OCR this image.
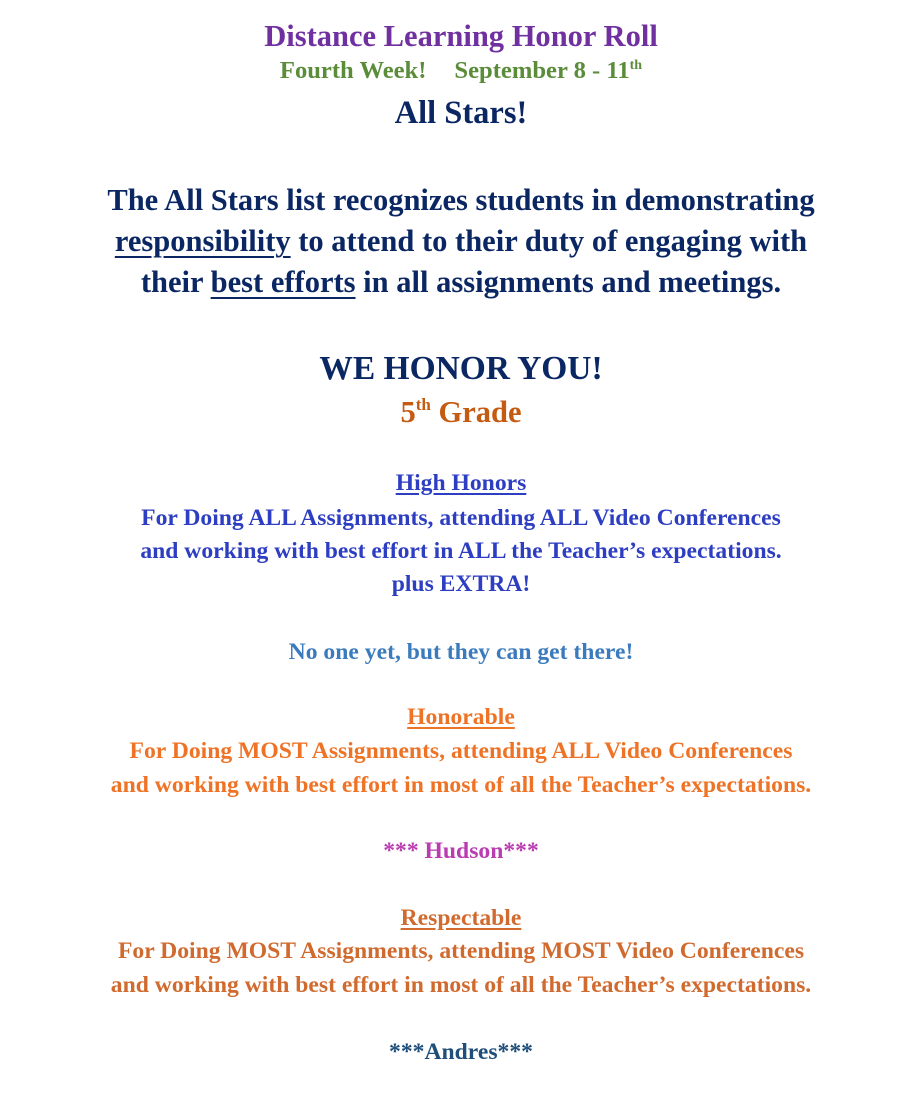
Distance Learning Honor Roll
Fourth Week! September 8 - 11th
All Stars!
The All Stars list recognizes students in demonstrating
responsibility to attend to their duty of engaging with
their best efforts in all assignments and meetings.
WE HONOR YOU!
5th Grade
High Honors
For Doing ALL Assignments, attending ALL Video Conferences
and working with best effort in ALL the Teacher’s expectations.
plus EXTRA!
No one yet, but they can get there!
Honorable
For Doing MOST Assignments, attending ALL Video Conferences
and working with best effort in most of all the Teacher’s expectations.
*** Hudson***
Respectable
For Doing MOST Assignments, attending MOST Video Conferences
and working with best effort in most of all the Teacher’s expectations.
***Andres***
